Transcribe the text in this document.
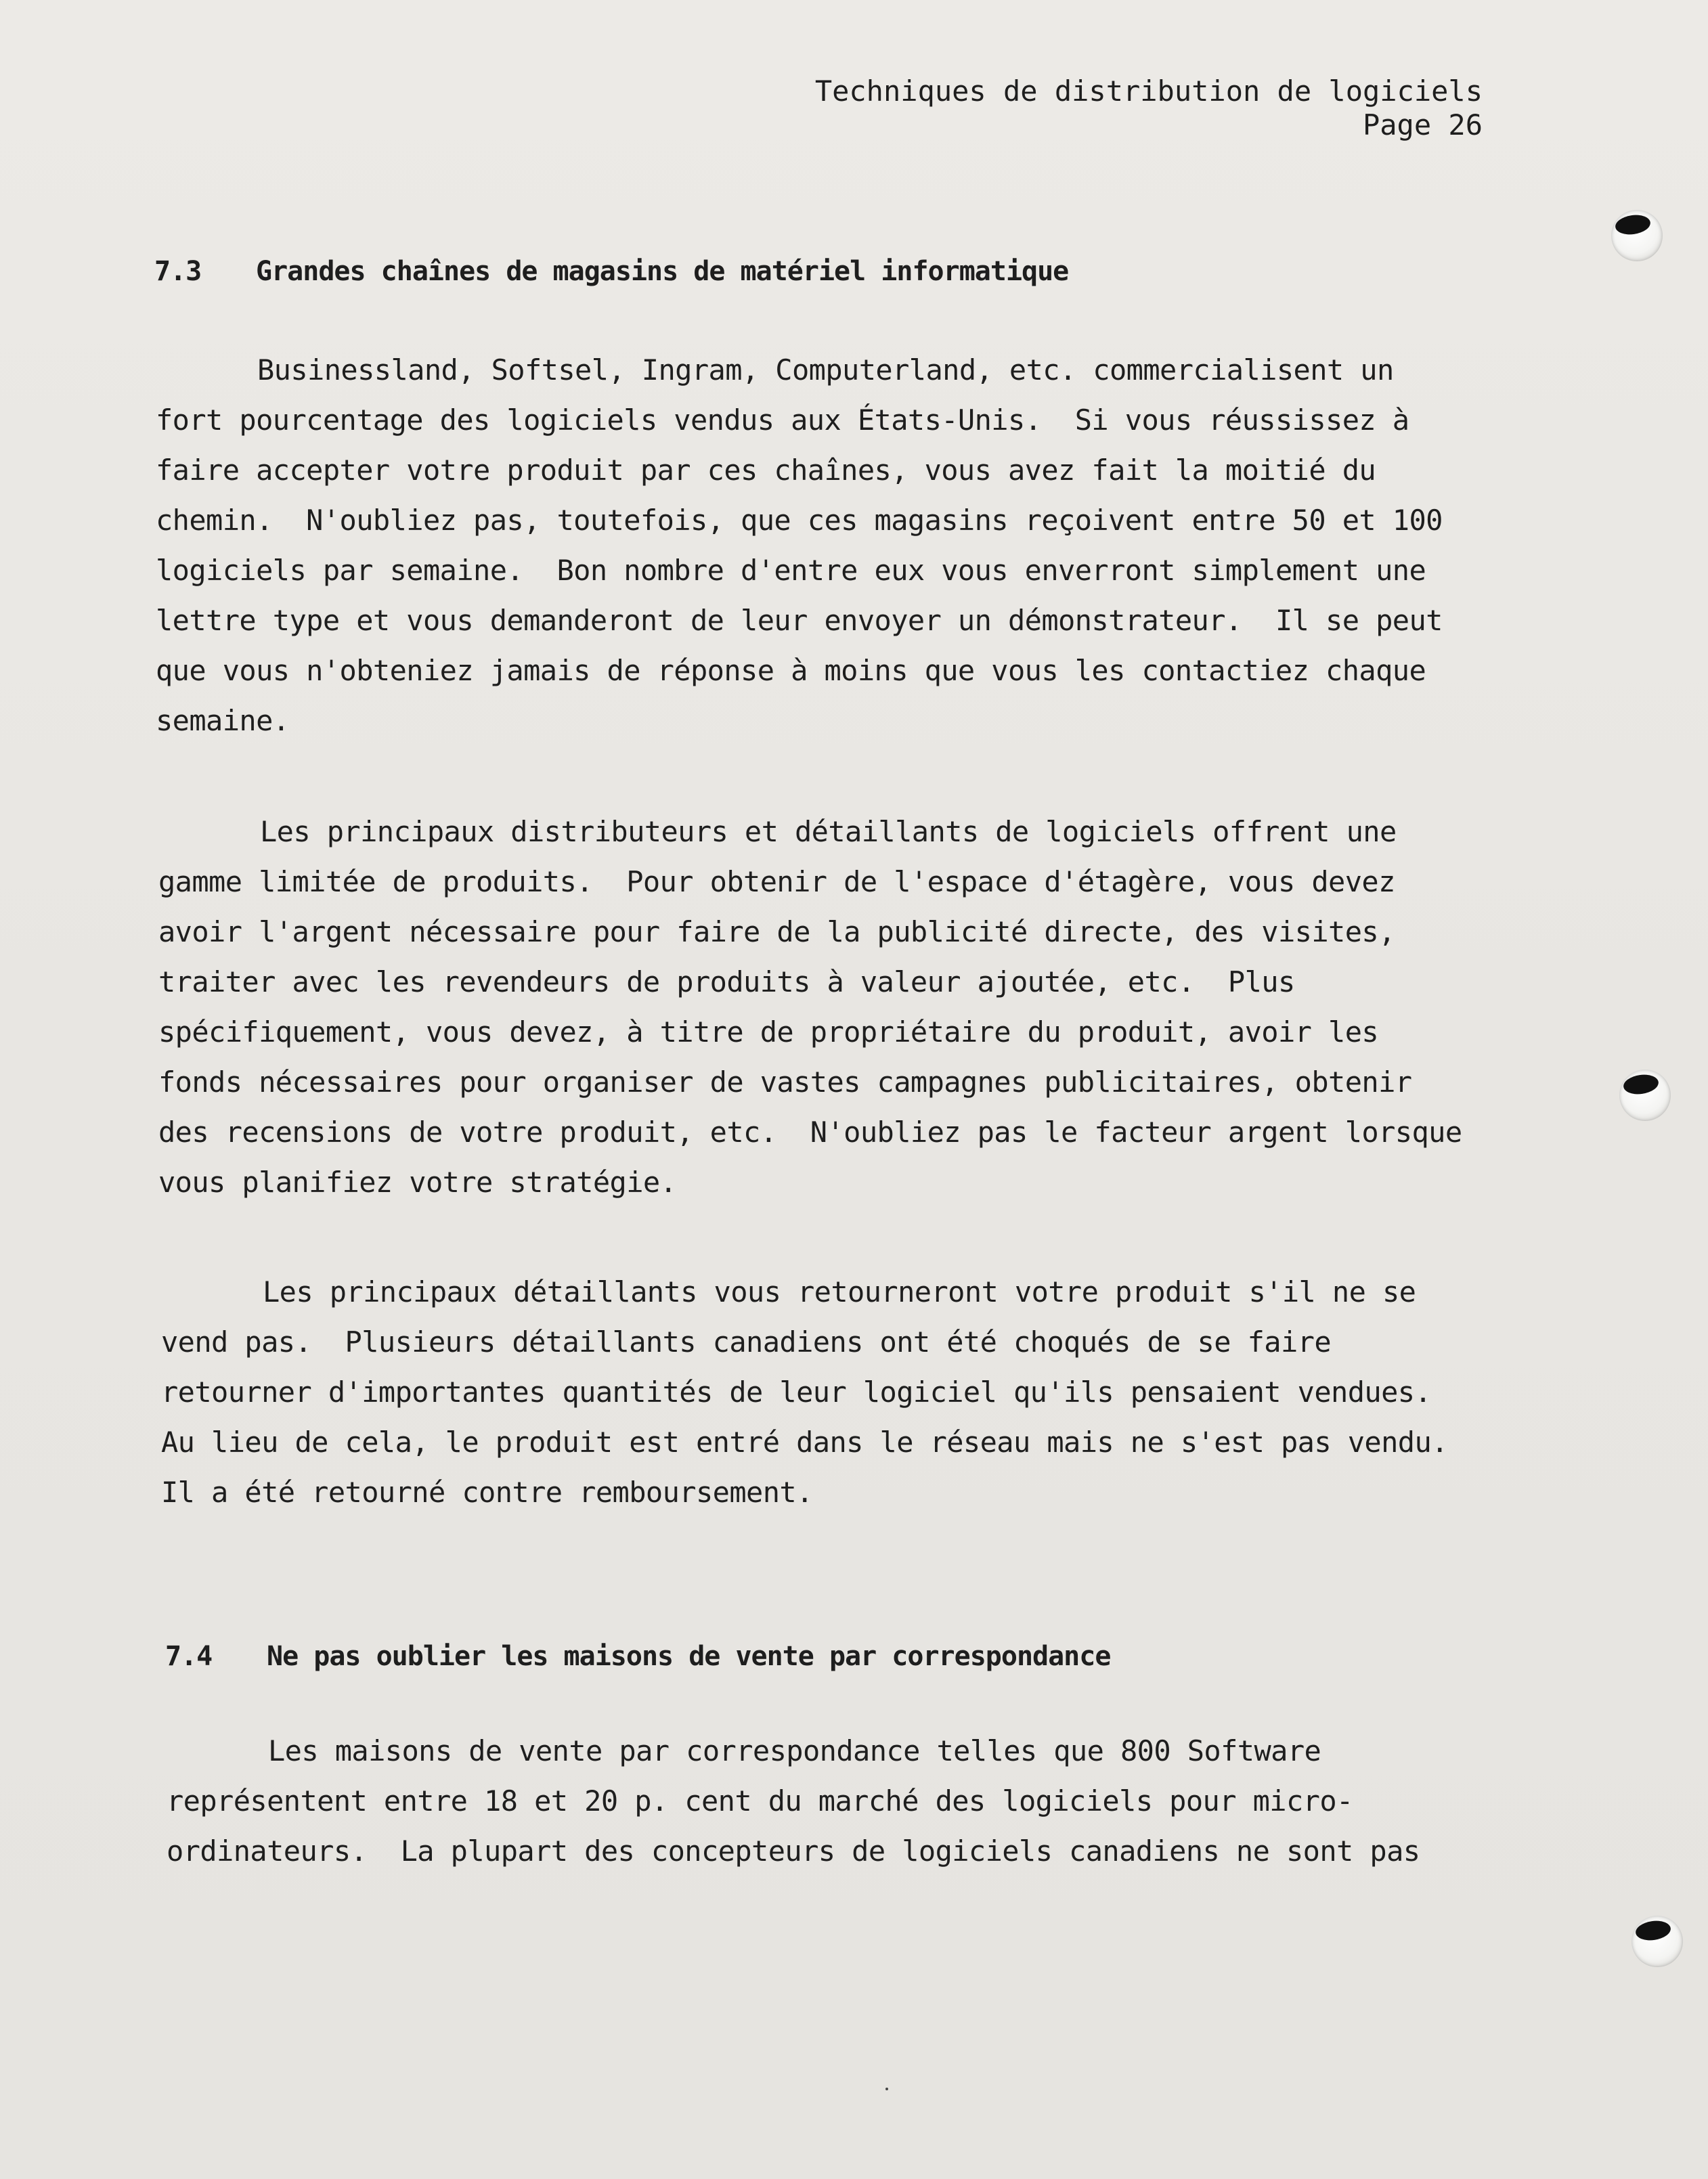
Techniques de distribution de logiciels
Page 26
7.3 Grandes chaînes de magasins de matériel informatique
Businessland, Softsel, Ingram, Computerland, etc. commercialisent un
fort pourcentage des logiciels vendus aux États-Unis.  Si vous réussissez à
faire accepter votre produit par ces chaînes, vous avez fait la moitié du
chemin.  N'oubliez pas, toutefois, que ces magasins reçoivent entre 50 et 100
logiciels par semaine.  Bon nombre d'entre eux vous enverront simplement une
lettre type et vous demanderont de leur envoyer un démonstrateur.  Il se peut
que vous n'obteniez jamais de réponse à moins que vous les contactiez chaque
semaine.
Les principaux distributeurs et détaillants de logiciels offrent une
gamme limitée de produits.  Pour obtenir de l'espace d'étagère, vous devez
avoir l'argent nécessaire pour faire de la publicité directe, des visites,
traiter avec les revendeurs de produits à valeur ajoutée, etc.  Plus
spécifiquement, vous devez, à titre de propriétaire du produit, avoir les
fonds nécessaires pour organiser de vastes campagnes publicitaires, obtenir
des recensions de votre produit, etc.  N'oubliez pas le facteur argent lorsque
vous planifiez votre stratégie.
Les principaux détaillants vous retourneront votre produit s'il ne se
vend pas.  Plusieurs détaillants canadiens ont été choqués de se faire
retourner d'importantes quantités de leur logiciel qu'ils pensaient vendues.
Au lieu de cela, le produit est entré dans le réseau mais ne s'est pas vendu.
Il a été retourné contre remboursement.
7.4 Ne pas oublier les maisons de vente par correspondance
Les maisons de vente par correspondance telles que 800 Software
représentent entre 18 et 20 p. cent du marché des logiciels pour micro-
ordinateurs.  La plupart des concepteurs de logiciels canadiens ne sont pas
